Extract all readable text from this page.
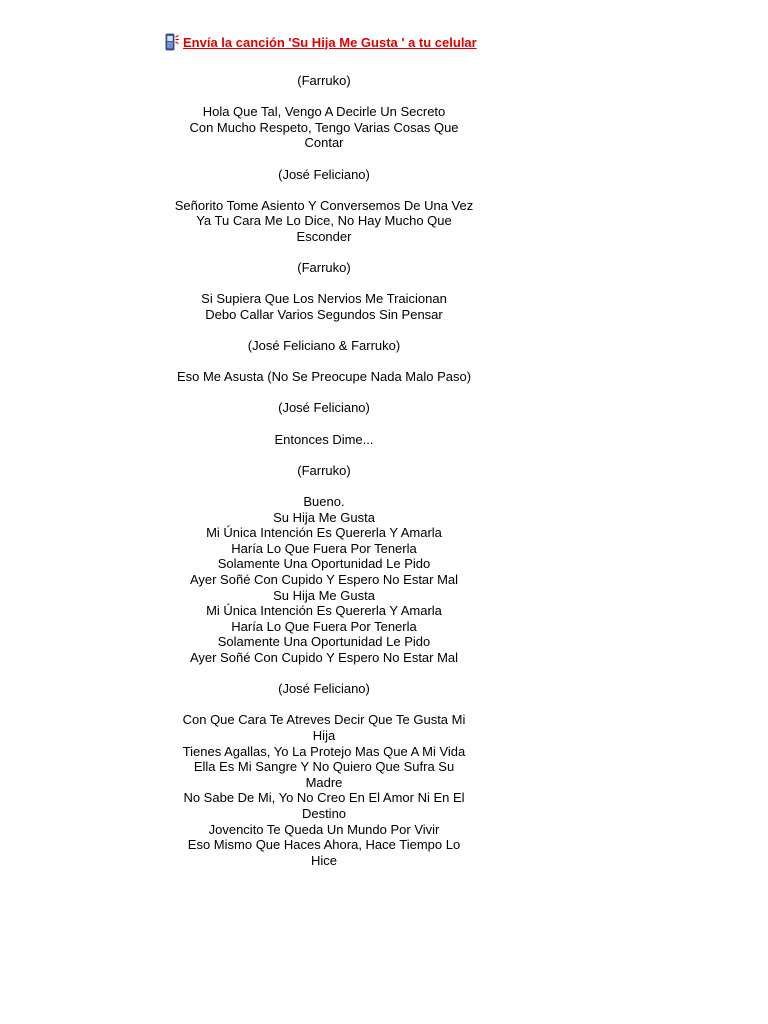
Envía la canción 'Su Hija Me Gusta ' a tu celular
(Farruko)
Hola Que Tal, Vengo A Decirle Un Secreto
Con Mucho Respeto, Tengo Varias Cosas Que Contar
(José Feliciano)
Señorito Tome Asiento Y Conversemos De Una Vez
Ya Tu Cara Me Lo Dice, No Hay Mucho Que Esconder
(Farruko)
Si Supiera Que Los Nervios Me Traicionan
Debo Callar Varios Segundos Sin Pensar
(José Feliciano & Farruko)
Eso Me Asusta (No Se Preocupe Nada Malo Paso)
(José Feliciano)
Entonces Dime...
(Farruko)
Bueno.
Su Hija Me Gusta
Mi Única Intención Es Quererla Y Amarla
Haría Lo Que Fuera Por Tenerla
Solamente Una Oportunidad Le Pido
Ayer Soñé Con Cupido Y Espero No Estar Mal
Su Hija Me Gusta
Mi Única Intención Es Quererla Y Amarla
Haría Lo Que Fuera Por Tenerla
Solamente Una Oportunidad Le Pido
Ayer Soñé Con Cupido Y Espero No Estar Mal
(José Feliciano)
Con Que Cara Te Atreves Decir Que Te Gusta Mi Hija
Tienes Agallas, Yo La Protejo Mas Que A Mi Vida
Ella Es Mi Sangre Y No Quiero Que Sufra Su Madre
No Sabe De Mi, Yo No Creo En El Amor Ni En El Destino
Jovencito Te Queda Un Mundo Por Vivir
Eso Mismo Que Haces Ahora, Hace Tiempo Lo Hice
